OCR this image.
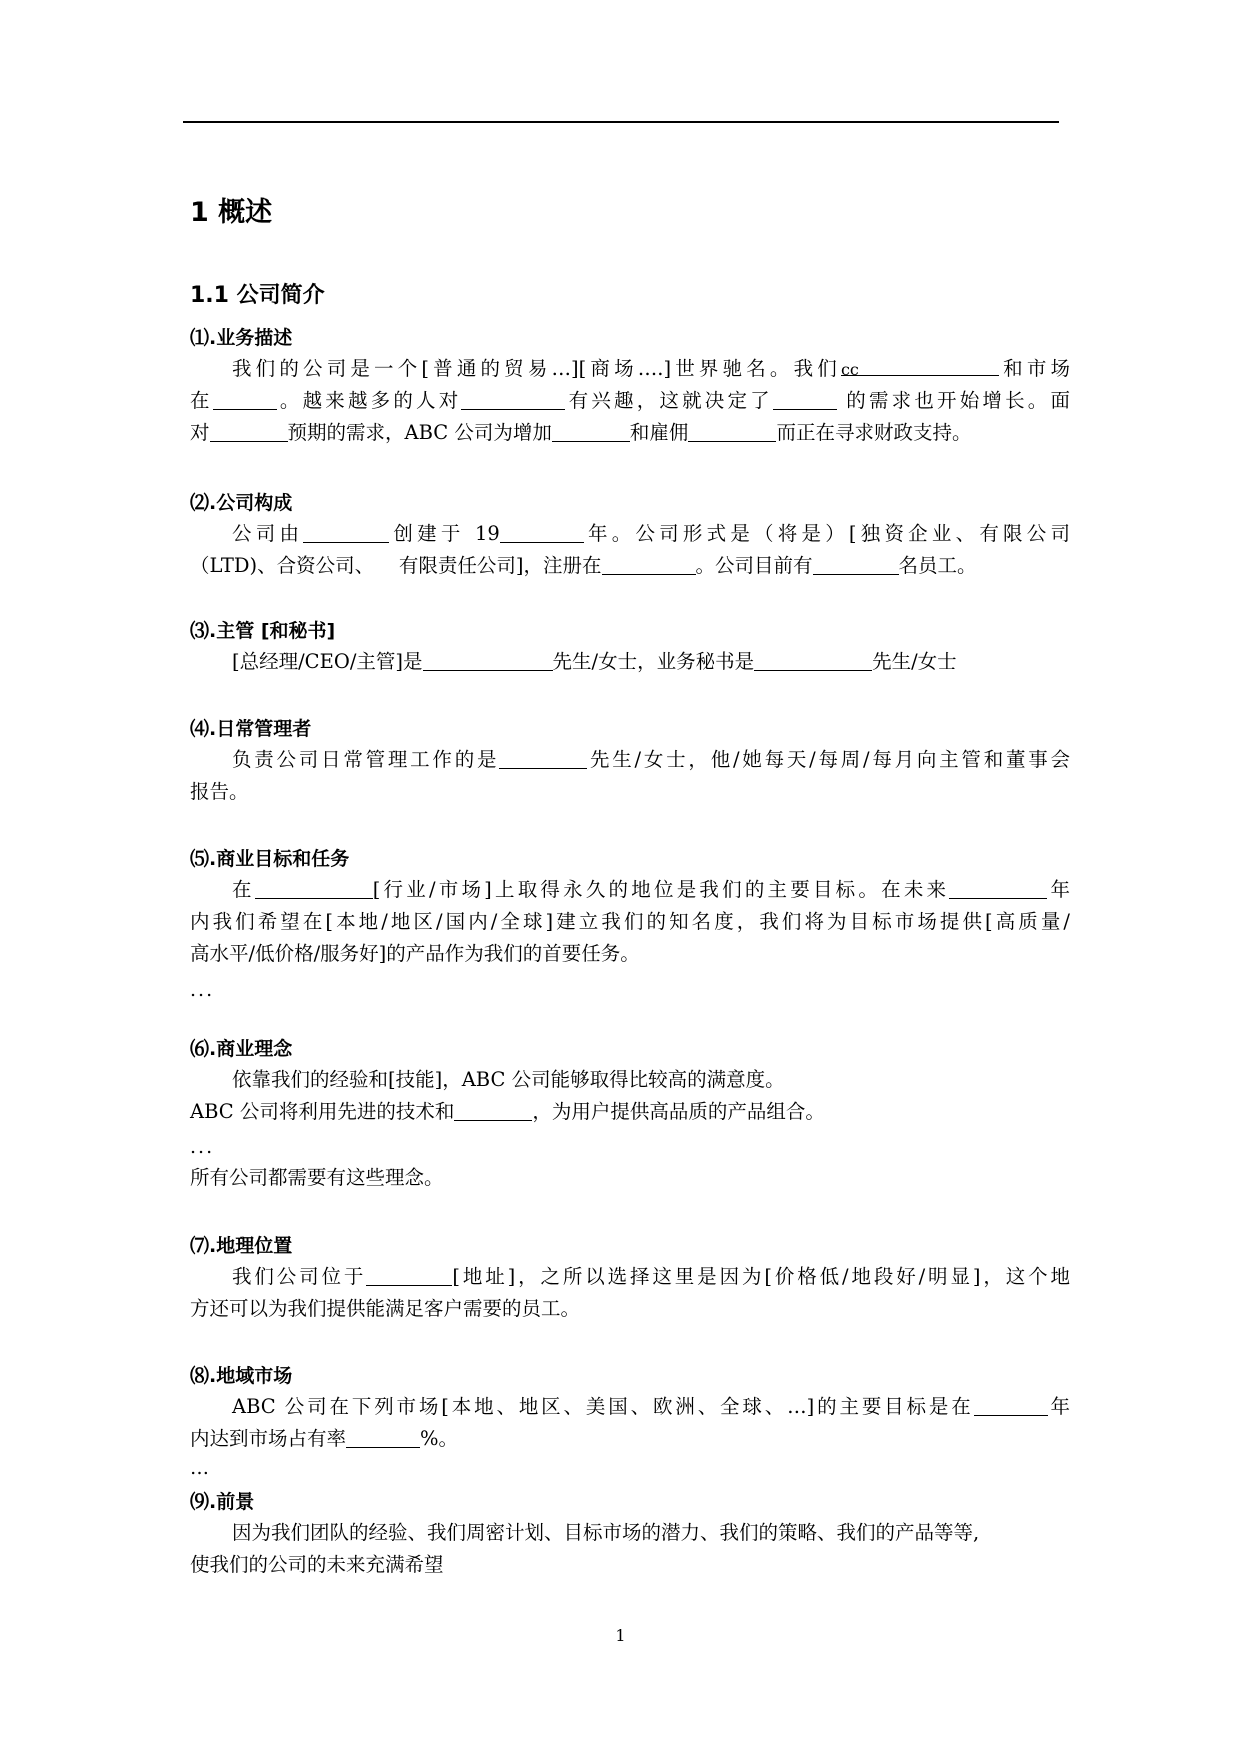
1 概述
1.1 公司简介
⑴.业务描述
我们的公司是一个[普通的贸易…][商场….]世界驰名。我们cc	和市场
在	。越来越多的人对	有兴趣，这就决定了	的需求也开始增长。面
对	预期的需求，ABC 公司为增加	和雇佣	而正在寻求财政支持。
⑵.公司构成
公司由	创建于 19	年。公司形式是（将是）[独资企业、有限公司
（LTD)、合资公司、    有限责任公司]，注册在	。公司目前有	名员工。
⑶.主管 [和秘书]
[总经理/CEO/主管]是	先生/女士，业务秘书是	先生/女士
⑷.日常管理者
负责公司日常管理工作的是	先生/女士，他/她每天/每周/每月向主管和董事会
报告。
⑸.商业目标和任务
在	[行业/市场]上取得永久的地位是我们的主要目标。在未来	年
内我们希望在[本地/地区/国内/全球]建立我们的知名度，我们将为目标市场提供[高质量/
高水平/低价格/服务好]的产品作为我们的首要任务。
...
⑹.商业理念
依靠我们的经验和[技能]，ABC 公司能够取得比较高的满意度。
ABC 公司将利用先进的技术和	，为用户提供高品质的产品组合。
...
所有公司都需要有这些理念。
⑺.地理位置
我们公司位于	[地址]，之所以选择这里是因为[价格低/地段好/明显]，这个地
方还可以为我们提供能满足客户需要的员工。
⑻.地域市场
ABC 公司在下列市场[本地、地区、美国、欧洲、全球、…]的主要目标是在	年
内达到市场占有率	%。
…
⑼.前景
因为我们团队的经验、我们周密计划、目标市场的潜力、我们的策略、我们的产品等等,
使我们的公司的未来充满希望
1
